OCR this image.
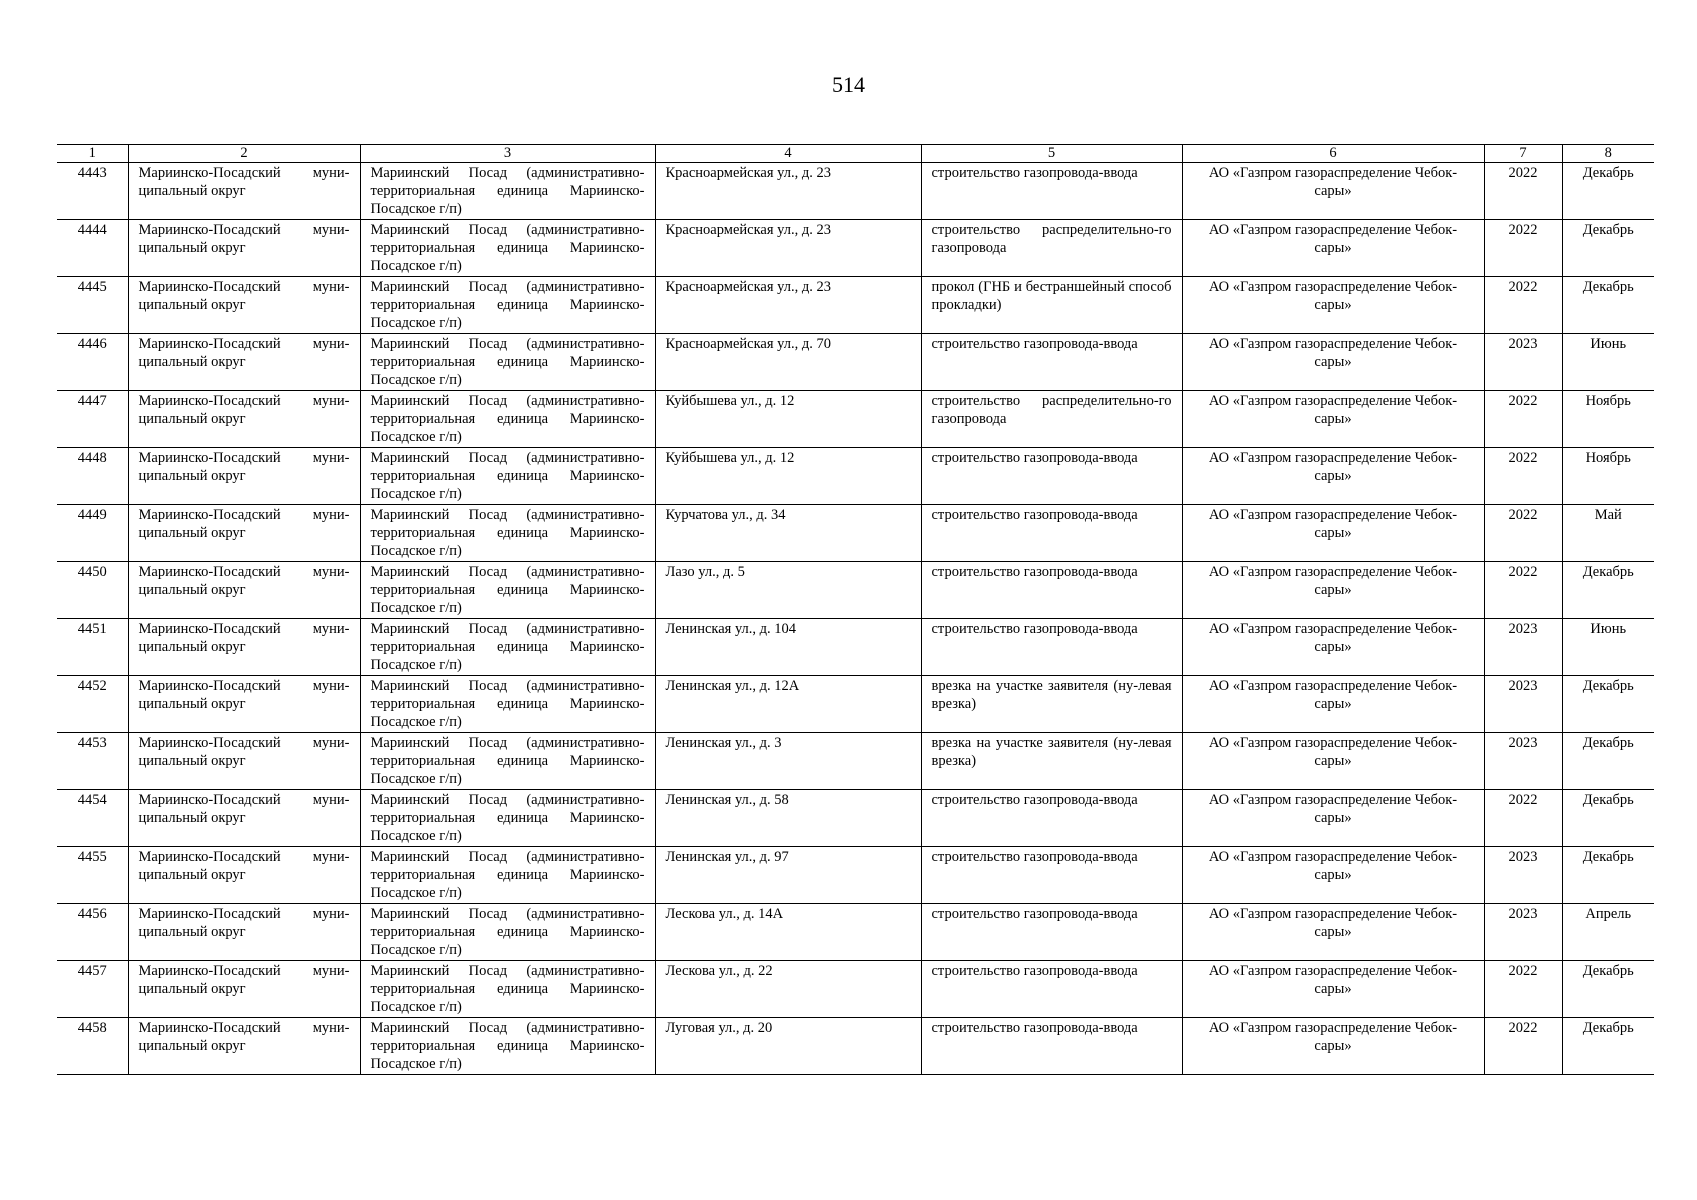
514
1	2	3	4	5	6	7	8
4443	Мариинско-Посадский муни-ципальный округ	Мариинский Посад (административно-территориальная единица Мариинско-Посадское г/п)	Красноармейская ул., д. 23	строительство газопровода-ввода	АО «Газпром газораспределение Чебок-сары»	2022	Декабрь
4444	Мариинско-Посадский муни-ципальный округ	Мариинский Посад (административно-территориальная единица Мариинско-Посадское г/п)	Красноармейская ул., д. 23	строительство распределительно-го газопровода	АО «Газпром газораспределение Чебок-сары»	2022	Декабрь
4445	Мариинско-Посадский муни-ципальный округ	Мариинский Посад (административно-территориальная единица Мариинско-Посадское г/п)	Красноармейская ул., д. 23	прокол (ГНБ и бестраншейный способ прокладки)	АО «Газпром газораспределение Чебок-сары»	2022	Декабрь
4446	Мариинско-Посадский муни-ципальный округ	Мариинский Посад (административно-территориальная единица Мариинско-Посадское г/п)	Красноармейская ул., д. 70	строительство газопровода-ввода	АО «Газпром газораспределение Чебок-сары»	2023	Июнь
4447	Мариинско-Посадский муни-ципальный округ	Мариинский Посад (административно-территориальная единица Мариинско-Посадское г/п)	Куйбышева ул., д. 12	строительство распределительно-го газопровода	АО «Газпром газораспределение Чебок-сары»	2022	Ноябрь
4448	Мариинско-Посадский муни-ципальный округ	Мариинский Посад (административно-территориальная единица Мариинско-Посадское г/п)	Куйбышева ул., д. 12	строительство газопровода-ввода	АО «Газпром газораспределение Чебок-сары»	2022	Ноябрь
4449	Мариинско-Посадский муни-ципальный округ	Мариинский Посад (административно-территориальная единица Мариинско-Посадское г/п)	Курчатова ул., д. 34	строительство газопровода-ввода	АО «Газпром газораспределение Чебок-сары»	2022	Май
4450	Мариинско-Посадский муни-ципальный округ	Мариинский Посад (административно-территориальная единица Мариинско-Посадское г/п)	Лазо ул., д. 5	строительство газопровода-ввода	АО «Газпром газораспределение Чебок-сары»	2022	Декабрь
4451	Мариинско-Посадский муни-ципальный округ	Мариинский Посад (административно-территориальная единица Мариинско-Посадское г/п)	Ленинская ул., д. 104	строительство газопровода-ввода	АО «Газпром газораспределение Чебок-сары»	2023	Июнь
4452	Мариинско-Посадский муни-ципальный округ	Мариинский Посад (административно-территориальная единица Мариинско-Посадское г/п)	Ленинская ул., д. 12А	врезка на участке заявителя (ну-левая врезка)	АО «Газпром газораспределение Чебок-сары»	2023	Декабрь
4453	Мариинско-Посадский муни-ципальный округ	Мариинский Посад (административно-территориальная единица Мариинско-Посадское г/п)	Ленинская ул., д. 3	врезка на участке заявителя (ну-левая врезка)	АО «Газпром газораспределение Чебок-сары»	2023	Декабрь
4454	Мариинско-Посадский муни-ципальный округ	Мариинский Посад (административно-территориальная единица Мариинско-Посадское г/п)	Ленинская ул., д. 58	строительство газопровода-ввода	АО «Газпром газораспределение Чебок-сары»	2022	Декабрь
4455	Мариинско-Посадский муни-ципальный округ	Мариинский Посад (административно-территориальная единица Мариинско-Посадское г/п)	Ленинская ул., д. 97	строительство газопровода-ввода	АО «Газпром газораспределение Чебок-сары»	2023	Декабрь
4456	Мариинско-Посадский муни-ципальный округ	Мариинский Посад (административно-территориальная единица Мариинско-Посадское г/п)	Лескова ул., д. 14А	строительство газопровода-ввода	АО «Газпром газораспределение Чебок-сары»	2023	Апрель
4457	Мариинско-Посадский муни-ципальный округ	Мариинский Посад (административно-территориальная единица Мариинско-Посадское г/п)	Лескова ул., д. 22	строительство газопровода-ввода	АО «Газпром газораспределение Чебок-сары»	2022	Декабрь
4458	Мариинско-Посадский муни-ципальный округ	Мариинский Посад (административно-территориальная единица Мариинско-Посадское г/п)	Луговая ул., д. 20	строительство газопровода-ввода	АО «Газпром газораспределение Чебок-сары»	2022	Декабрь
